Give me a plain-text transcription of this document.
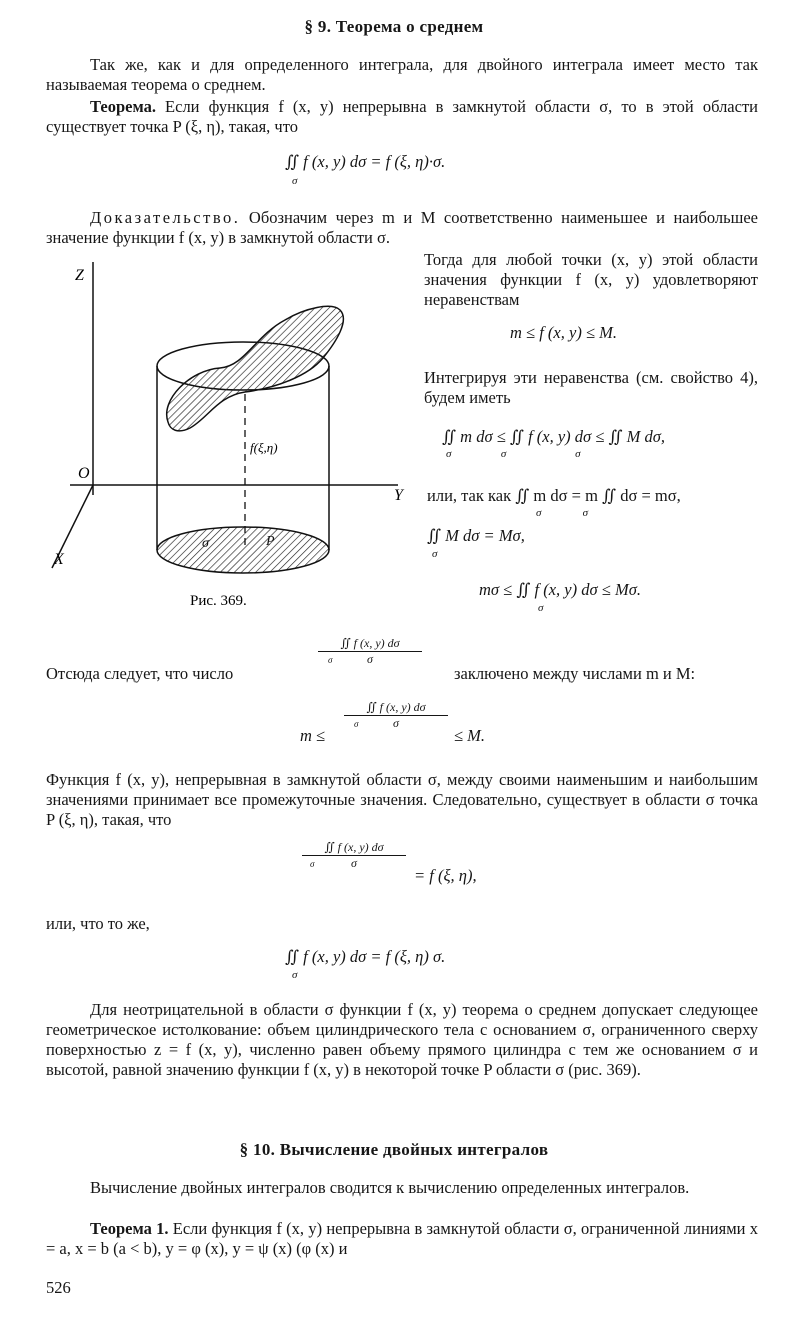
§ 9. Теорема о среднем
Так же, как и для определенного интеграла, для двойного интеграла имеет место так называемая теорема о среднем.
Теорема. Если функция f (x, y) непрерывна в замкнутой области σ, то в этой области существует точка P (ξ, η), такая, что
∬ f (x, y) dσ = f (ξ, η)·σ.
σ
Доказательство. Обозначим через m и M соответственно наименьшее и наибольшее значение функции f (x, y) в замкнутой области σ.
Z
Y
X
O
σ	P
f(ξ,η)
Рис. 369.
Тогда для любой точки (x, y) этой области значения функции f (x, y) удовлетворяют неравенствам
m ≤ f (x, y) ≤ M.
Интегрируя эти неравенства (см. свойство 4), будем иметь
∬ m dσ ≤ ∬ f (x, y) dσ ≤ ∬ M dσ,
σ                  σ                         σ
или, так как ∬ m dσ = m ∬ dσ = mσ,
σ               σ
∬ M dσ = Mσ,
σ
mσ ≤ ∬ f (x, y) dσ ≤ Mσ.
σ
Отсюда следует, что число
$\frac{∬ f (x, y) d\sigma}{\sigma}$
σ
заключено между числами m и M:
m ≤
$\frac{∬ f (x, y) d\sigma}{\sigma}$
σ
≤ M.
Функция f (x, y), непрерывная в замкнутой области σ, между своими наименьшим и наибольшим значениями принимает все промежуточные значения. Следовательно, существует в области σ точка P (ξ, η), такая, что
$\frac{∬ f (x, y) d\sigma}{\sigma}$
σ
= f (ξ, η),
или, что то же,
∬ f (x, y) dσ = f (ξ, η) σ.
σ
Для неотрицательной в области σ функции f (x, y) теорема о среднем допускает следующее геометрическое истолкование: объем цилиндрического тела с основанием σ, ограниченного сверху поверхностью z = f (x, y), численно равен объему прямого цилиндра с тем же основанием σ и высотой, равной значению функции f (x, y) в некоторой точке P области σ (рис. 369).
§ 10. Вычисление двойных интегралов
Вычисление двойных интегралов сводится к вычислению определенных интегралов.
Теорема 1. Если функция f (x, y) непрерывна в замкнутой области σ, ограниченной линиями x = a, x = b (a < b), y = φ (x), y = ψ (x) (φ (x) и
526
